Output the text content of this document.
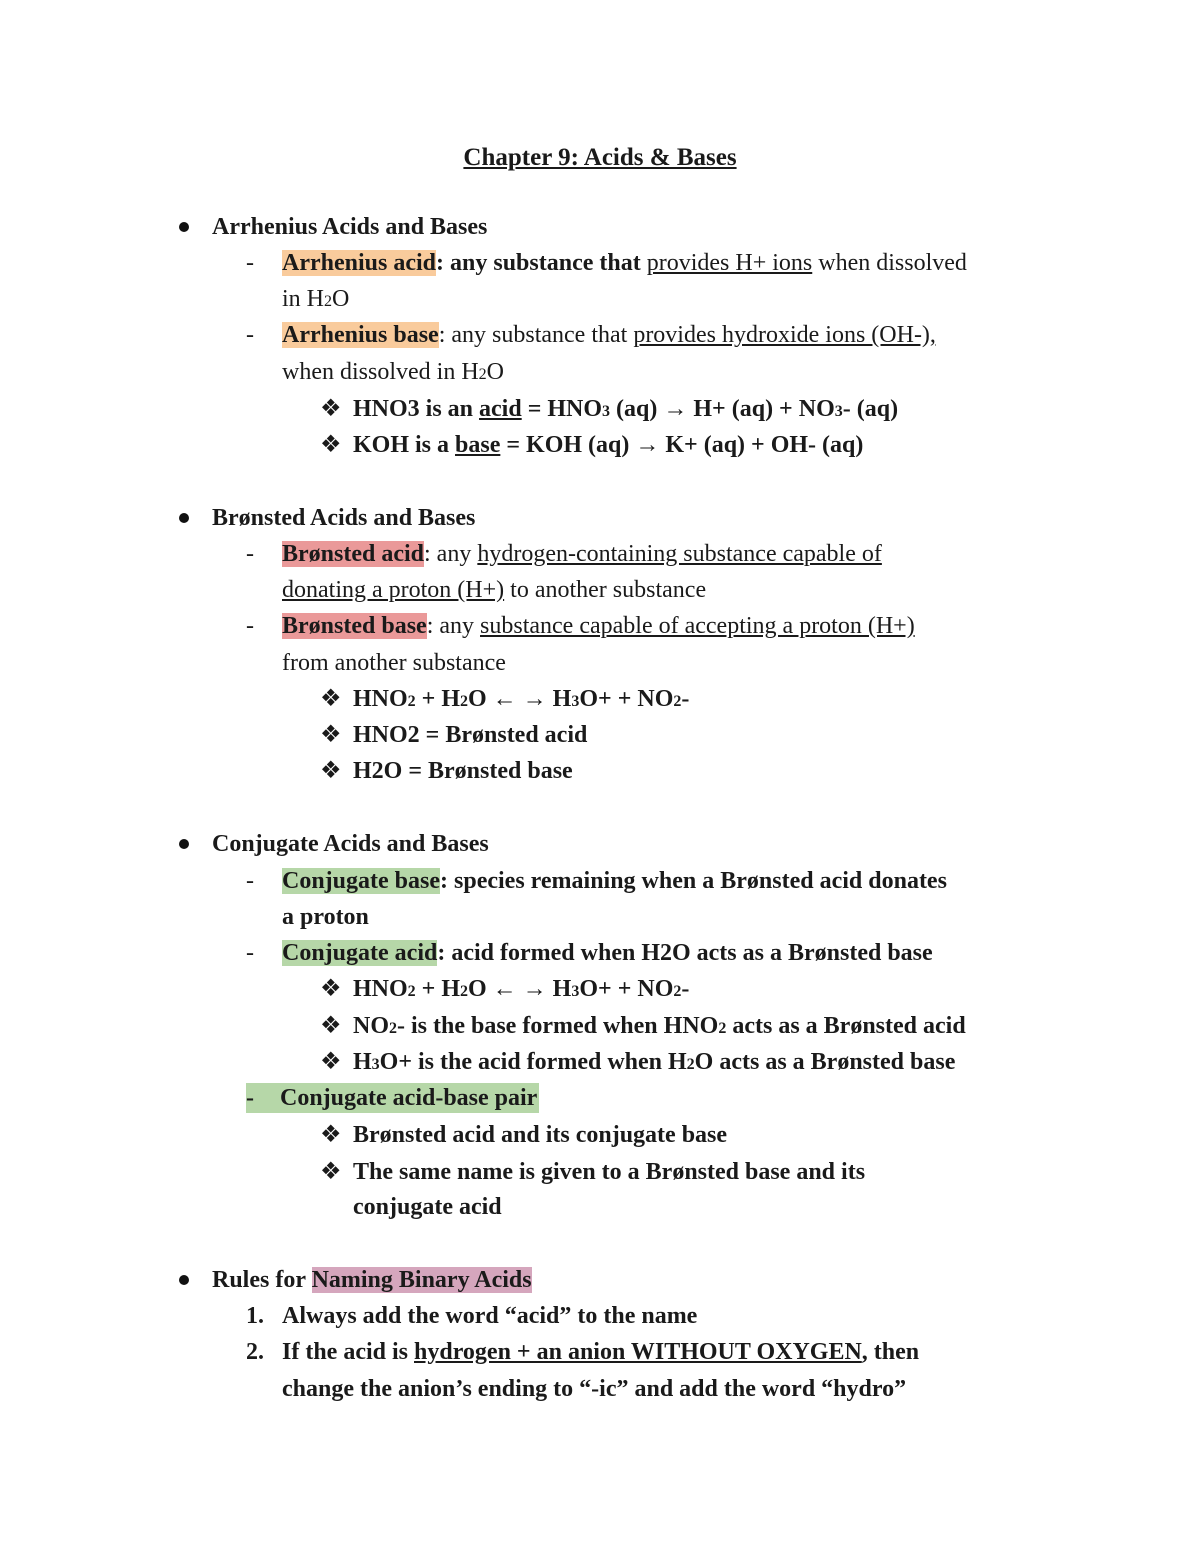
Chapter 9: Acids & Bases
Arrhenius Acids and Bases
- Arrhenius acid: any substance that provides H+ ions when dissolved
in H2O
- Arrhenius base: any substance that provides hydroxide ions (OH-),
when dissolved in H2O
❖ HNO3 is an acid = HNO3 (aq) → H+ (aq) + NO3- (aq)
❖ KOH is a base = KOH (aq) → K+ (aq) + OH- (aq)
Brønsted Acids and Bases
- Brønsted acid: any hydrogen-containing substance capable of
donating a proton (H+) to another substance
- Brønsted base: any substance capable of accepting a proton (H+)
from another substance
❖ HNO2 + H2O ← → H3O+ + NO2-
❖ HNO2 = Brønsted acid
❖ H2O = Brønsted base
Conjugate Acids and Bases
- Conjugate base: species remaining when a Brønsted acid donates
a proton
- Conjugate acid: acid formed when H2O acts as a Brønsted base
❖ HNO2 + H2O ← → H3O+ + NO2-
❖ NO2- is the base formed when HNO2 acts as a Brønsted acid
❖ H3O+ is the acid formed when H2O acts as a Brønsted base
- Conjugate acid-base pair
❖ Brønsted acid and its conjugate base
❖ The same name is given to a Brønsted base and its
conjugate acid
Rules for Naming Binary Acids
1. Always add the word “acid” to the name
2. If the acid is hydrogen + an anion WITHOUT OXYGEN, then
change the anion’s ending to “-ic” and add the word “hydro”
